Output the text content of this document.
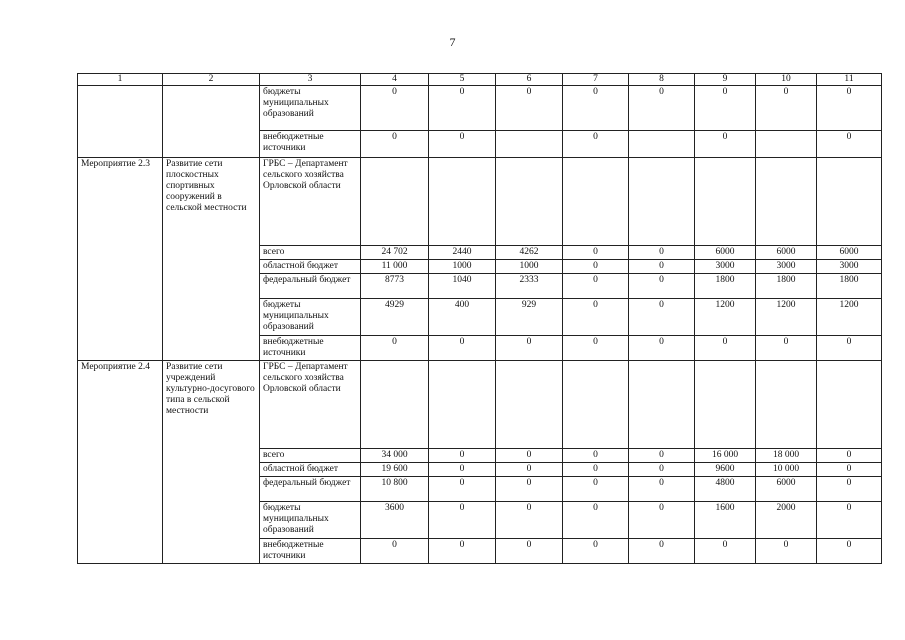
7
1	2	3	4	5	6	7	8	9	10	11
		бюджеты муниципальных образований	0	0	0	0	0	0	0	0
		внебюджетные источники	0	0		0		0		0
Мероприятие 2.3	Развитие сети плоскостных спортивных сооружений в сельской местности	ГРБС – Департамент сельского хозяйства Орловской области								
		всего	24 702	2440	4262	0	0	6000	6000	6000
		областной бюджет	11 000	1000	1000	0	0	3000	3000	3000
		федеральный бюджет	8773	1040	2333	0	0	1800	1800	1800
		бюджеты муниципальных образований	4929	400	929	0	0	1200	1200	1200
		внебюджетные источники	0	0	0	0	0	0	0	0
Мероприятие 2.4	Развитие сети учреждений культурно-досугового типа в сельской местности	ГРБС – Департамент сельского хозяйства Орловской области								
		всего	34 000	0	0	0	0	16 000	18 000	0
		областной бюджет	19 600	0	0	0	0	9600	10 000	0
		федеральный бюджет	10 800	0	0	0	0	4800	6000	0
		бюджеты муниципальных образований	3600	0	0	0	0	1600	2000	0
		внебюджетные источники	0	0	0	0	0	0	0	0
